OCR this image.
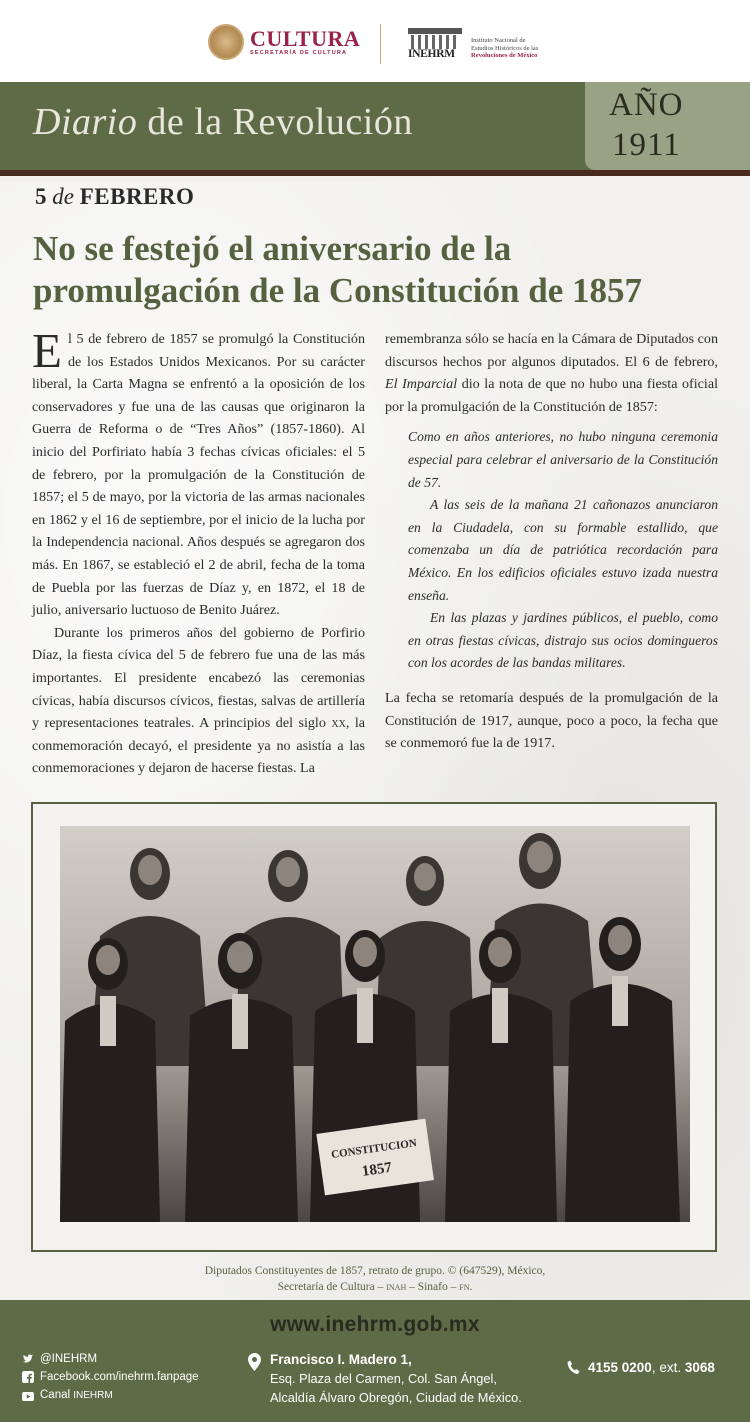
CULTURA
SECRETARÍA DE CULTURA	INEHRM
Instituto Nacional de
Estudios Históricos de las
Revoluciones de México
Diario de la Revolución	AÑO
1911
5 de FEBRERO
No se festejó el aniversario de la
promulgación de la Constitución de 1857

El 5 de febrero de 1857 se promulgó la Constitución de los Estados Unidos Mexicanos. Por su carácter liberal, la Carta Magna se enfrentó a la oposición de los conservadores y fue una de las causas que originaron la Guerra de Reforma o de “Tres Años” (1857-1860). Al inicio del Porfiriato había 3 fechas cívicas oficiales: el 5 de febrero, por la promulgación de la Constitución de 1857; el 5 de mayo, por la victoria de las armas nacionales en 1862 y el 16 de septiembre, por el inicio de la lucha por la Independencia nacional. Años después se agregaron dos más. En 1867, se estableció el 2 de abril, fecha de la toma de Puebla por las fuerzas de Díaz y, en 1872, el 18 de julio, aniversario luctuoso de Benito Juárez.

Durante los primeros años del gobierno de Porfirio Díaz, la fiesta cívica del 5 de febrero fue una de las más importantes. El presidente encabezó las ceremonias cívicas, había discursos cívicos, fiestas, salvas de artillería y representaciones teatrales. A principios del siglo xx, la conmemoración decayó, el presidente ya no asistía a las conmemoraciones y dejaron de hacerse fiestas. La

remembranza sólo se hacía en la Cámara de Diputados con discursos hechos por algunos diputados. El 6 de febrero, El Imparcial dio la nota de que no hubo una fiesta oficial por la promulgación de la Constitución de 1857:

Como en años anteriores, no hubo ninguna ceremonia especial para celebrar el aniversario de la Constitución de 57.

A las seis de la mañana 21 cañonazos anunciaron en la Ciudadela, con su formable estallido, que comenzaba un día de patriótica recordación para México. En los edificios oficiales estuvo izada nuestra enseña.

En las plazas y jardines públicos, el pueblo, como en otras fiestas cívicas, distrajo sus ocios domingueros con los acordes de las bandas militares.

La fecha se retomaría después de la promulgación de la Constitución de 1917, aunque, poco a poco, la fecha que se conmemoró fue la de 1917.

CONSTITUCION
1857
Diputados Constituyentes de 1857, retrato de grupo. © (647529), México,
Secretaría de Cultura – inah – Sinafo – fn.
www.inehrm.gob.mx
@INEHRM
Facebook.com/inehrm.fanpage
Canal INEHRM
Francisco I. Madero 1,
Esq. Plaza del Carmen, Col. San Ángel,
Alcaldía Álvaro Obregón, Ciudad de México.
4155 0200, ext. 3068
